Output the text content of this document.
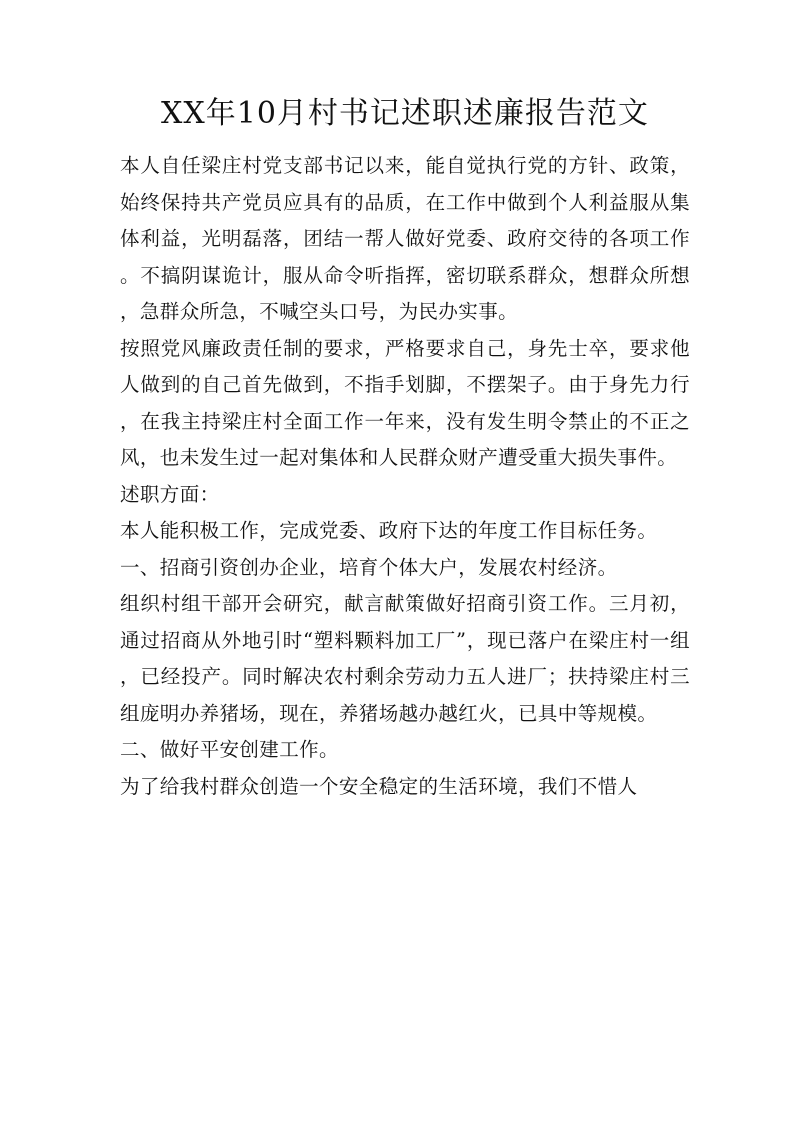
XX年10月村书记述职述廉报告范文

本人自任梁庄村党支部书记以来，能自觉执行党的方针、政策，始终保持共产党员应具有的品质，在工作中做到个人利益服从集体利益，光明磊落，团结一帮人做好党委、政府交待的各项工作。不搞阴谋诡计，服从命令听指挥，密切联系群众，想群众所想，急群众所急，不喊空头口号，为民办实事。

按照党风廉政责任制的要求，严格要求自己，身先士卒，要求他人做到的自己首先做到，不指手划脚，不摆架子。由于身先力行，在我主持梁庄村全面工作一年来，没有发生明令禁止的不正之风，也未发生过一起对集体和人民群众财产遭受重大损失事件。

述职方面：

本人能积极工作，完成党委、政府下达的年度工作目标任务。

一、招商引资创办企业，培育个体大户，发展农村经济。

组织村组干部开会研究，献言献策做好招商引资工作。三月初，通过招商从外地引时“塑料颗料加工厂”，现已落户在梁庄村一组，已经投产。同时解决农村剩余劳动力五人进厂；扶持梁庄村三组庞明办养猪场，现在，养猪场越办越红火，已具中等规模。

二、做好平安创建工作。

为了给我村群众创造一个安全稳定的生活环境，我们不惜人
